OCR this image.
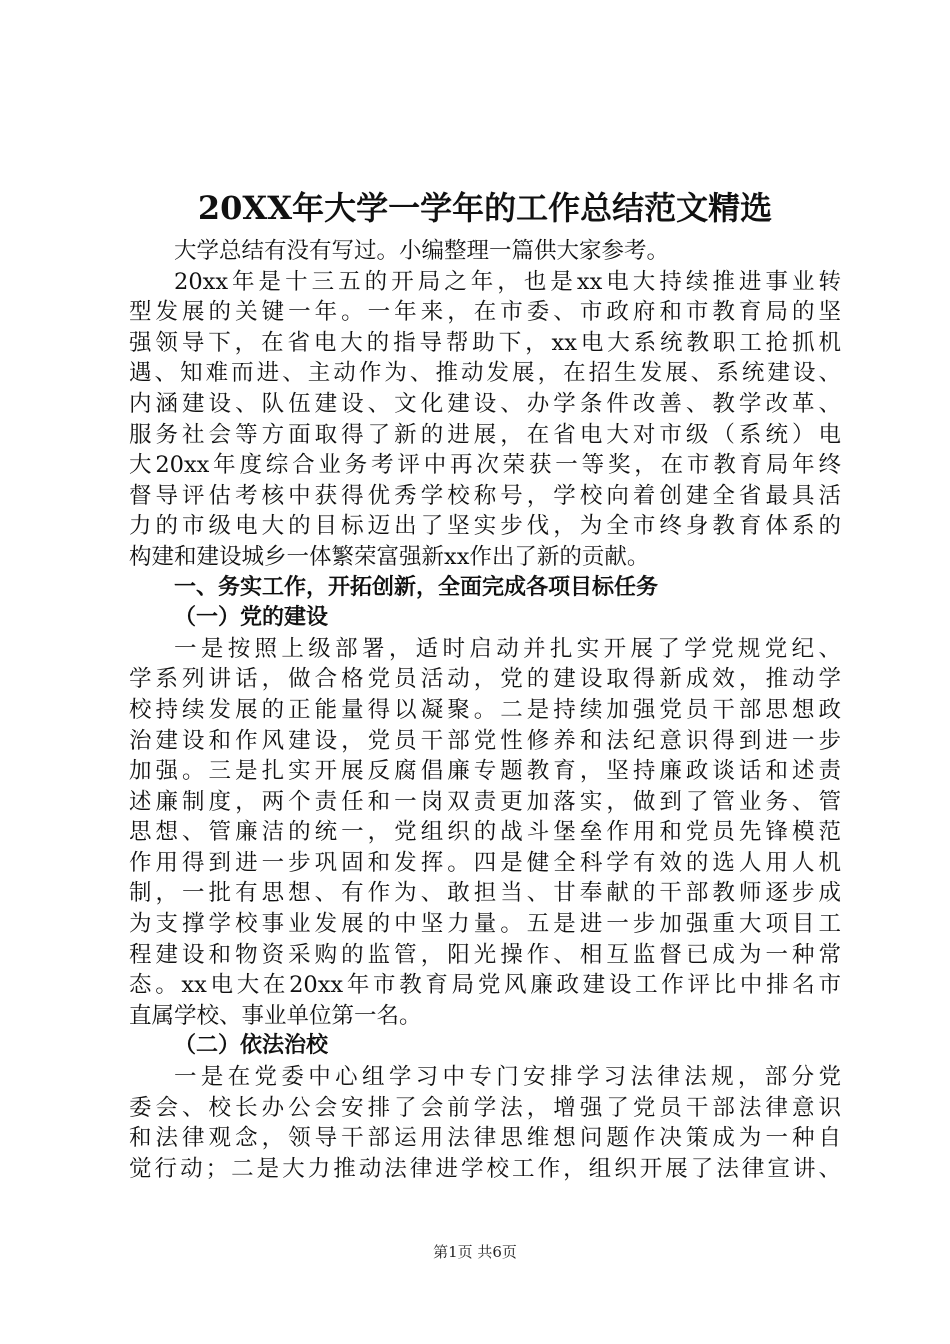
20XX年大学一学年的工作总结范文精选
大学总结有没有写过。小编整理一篇供大家参考。
20xx年是十三五的开局之年，也是xx电大持续推进事业转
型发展的关键一年。一年来，在市委、市政府和市教育局的坚
强领导下，在省电大的指导帮助下，xx电大系统教职工抢抓机
遇、知难而进、主动作为、推动发展，在招生发展、系统建设、
内涵建设、队伍建设、文化建设、办学条件改善、教学改革、
服务社会等方面取得了新的进展，在省电大对市级（系统）电
大20xx年度综合业务考评中再次荣获一等奖，在市教育局年终
督导评估考核中获得优秀学校称号，学校向着创建全省最具活
力的市级电大的目标迈出了坚实步伐，为全市终身教育体系的
构建和建设城乡一体繁荣富强新xx作出了新的贡献。
一、务实工作，开拓创新，全面完成各项目标任务
（一）党的建设
一是按照上级部署，适时启动并扎实开展了学党规党纪、
学系列讲话，做合格党员活动，党的建设取得新成效，推动学
校持续发展的正能量得以凝聚。二是持续加强党员干部思想政
治建设和作风建设，党员干部党性修养和法纪意识得到进一步
加强。三是扎实开展反腐倡廉专题教育，坚持廉政谈话和述责
述廉制度，两个责任和一岗双责更加落实，做到了管业务、管
思想、管廉洁的统一，党组织的战斗堡垒作用和党员先锋模范
作用得到进一步巩固和发挥。四是健全科学有效的选人用人机
制，一批有思想、有作为、敢担当、甘奉献的干部教师逐步成
为支撑学校事业发展的中坚力量。五是进一步加强重大项目工
程建设和物资采购的监管，阳光操作、相互监督已成为一种常
态。xx电大在20xx年市教育局党风廉政建设工作评比中排名市
直属学校、事业单位第一名。
（二）依法治校
一是在党委中心组学习中专门安排学习法律法规，部分党
委会、校长办公会安排了会前学法，增强了党员干部法律意识
和法律观念，领导干部运用法律思维想问题作决策成为一种自
觉行动；二是大力推动法律进学校工作，组织开展了法律宣讲、
第1页 共6页
